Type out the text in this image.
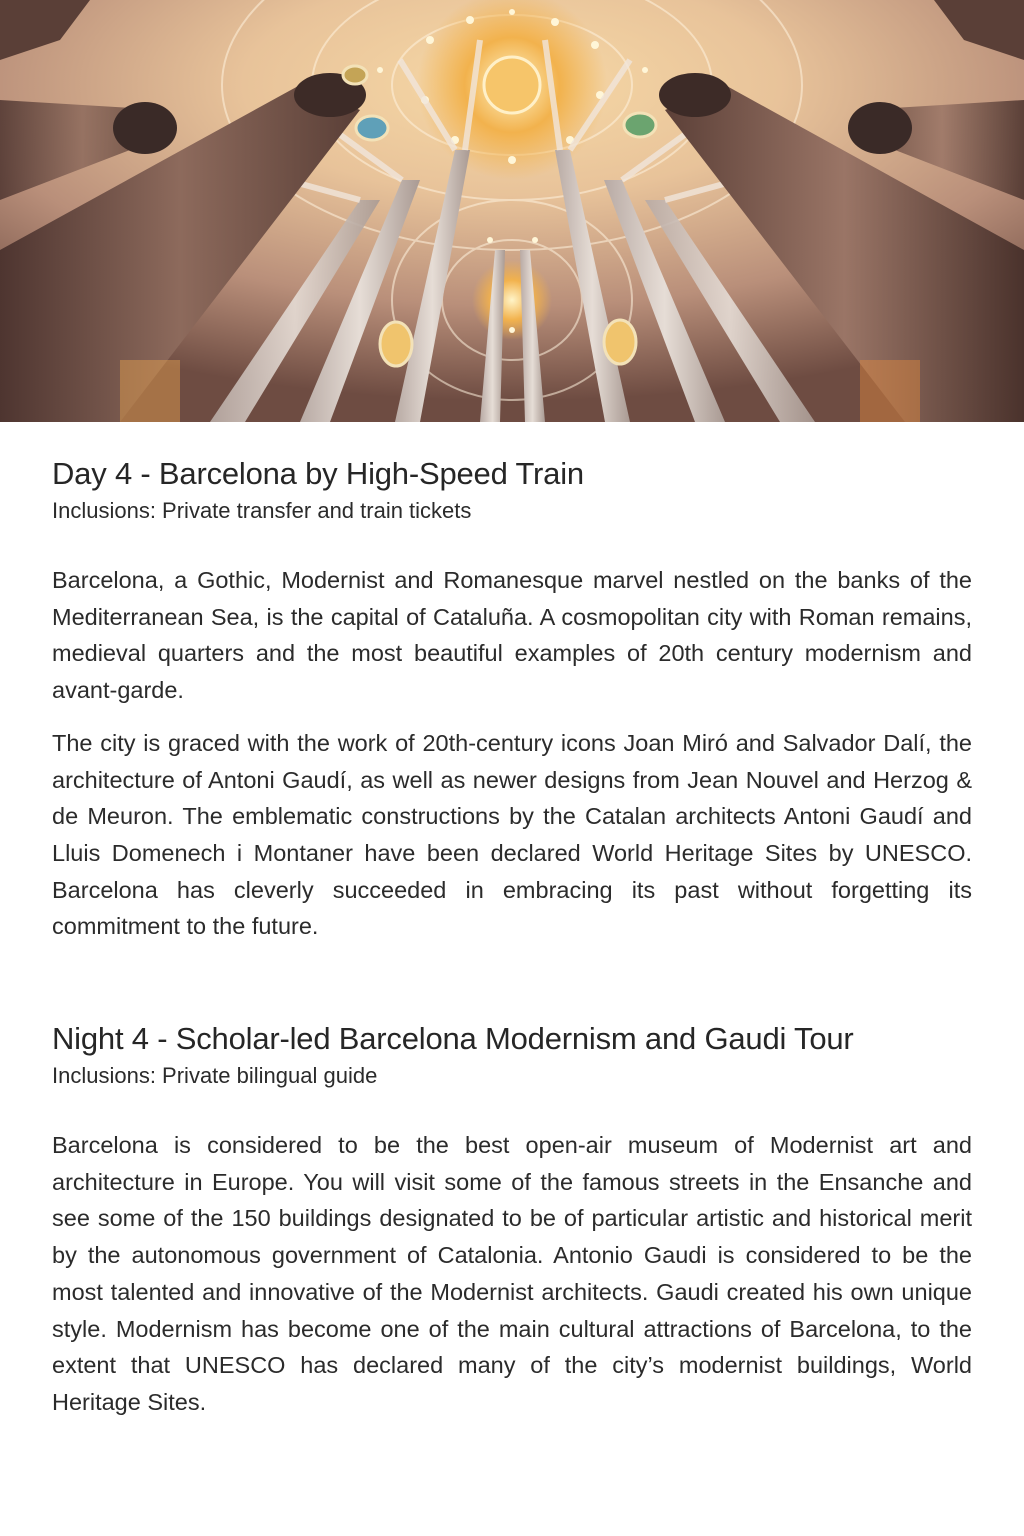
Day 4 - Barcelona by High-Speed Train

Inclusions: Private transfer and train tickets

Barcelona, a Gothic, Modernist and Romanesque marvel nestled on the banks of the Mediterranean Sea, is the capital of Cataluña. A cosmopolitan city with Roman remains, medieval quarters and the most beautiful examples of 20th century modernism and avant-garde.

The city is graced with the work of 20th-century icons Joan Miró and Salvador Dalí, the architecture of Antoni Gaudí, as well as newer designs from Jean Nouvel and Herzog & de Meuron. The emblematic constructions by the Catalan architects Antoni Gaudí and Lluis Domenech i Montaner have been declared World Heritage Sites by UNESCO. Barcelona has cleverly succeeded in embracing its past without forgetting its commitment to the future.

Night 4 - Scholar-led Barcelona Modernism and Gaudi Tour

Inclusions: Private bilingual guide

Barcelona is considered to be the best open-air museum of Modernist art and architecture in Europe. You will visit some of the famous streets in the Ensanche and see some of the 150 buildings designated to be of particular artistic and historical merit by the autonomous government of Catalonia. Antonio Gaudi is considered to be the most talented and innovative of the Modernist architects. Gaudi created his own unique style. Modernism has become one of the main cultural attractions of Barcelona, to the extent that UNESCO has declared many of the city’s modernist buildings, World Heritage Sites.
